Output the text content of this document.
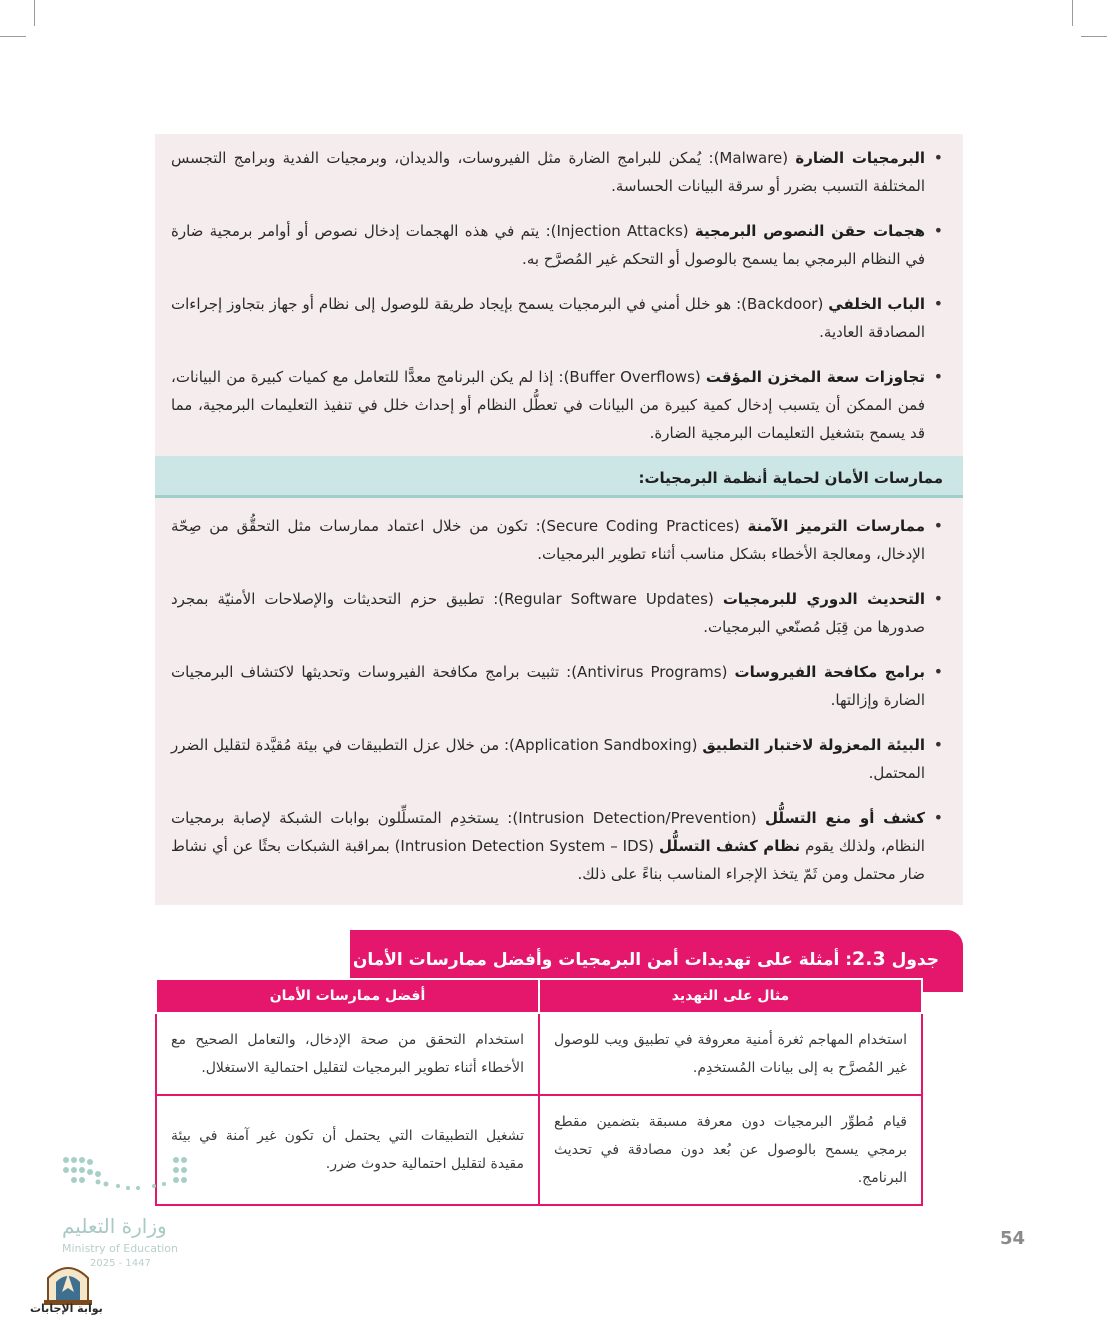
• البرمجيات الضارة (Malware): يُمكن للبرامج الضارة مثل الفيروسات، والديدان، وبرمجيات الفدية وبرامج التجسس المختلفة التسبب بضرر أو سرقة البيانات الحساسة.
• هجمات حقن النصوص البرمجية (Injection Attacks): يتم في هذه الهجمات إدخال نصوص أو أوامر برمجية ضارة في النظام البرمجي بما يسمح بالوصول أو التحكم غير المُصرَّح به.
• الباب الخلفي (Backdoor): هو خلل أمني في البرمجيات يسمح بإيجاد طريقة للوصول إلى نظام أو جهاز بتجاوز إجراءات المصادقة العادية.
• تجاوزات سعة المخزن المؤقت (Buffer Overflows): إذا لم يكن البرنامج معدًّا للتعامل مع كميات كبيرة من البيانات، فمن الممكن أن يتسبب إدخال كمية كبيرة من البيانات في تعطُّل النظام أو إحداث خلل في تنفيذ التعليمات البرمجية، مما قد يسمح بتشغيل التعليمات البرمجية الضارة.
ممارسات الأمان لحماية أنظمة البرمجيات:
• ممارسات الترميز الآمنة (Secure Coding Practices): تكون من خلال اعتماد ممارسات مثل التحقُّق من صِحّة الإدخال، ومعالجة الأخطاء بشكل مناسب أثناء تطوير البرمجيات.
• التحديث الدوري للبرمجيات (Regular Software Updates): تطبيق حزم التحديثات والإصلاحات الأمنيّة بمجرد صدورها من قِبَل مُصنّعي البرمجيات.
• برامج مكافحة الفيروسات (Antivirus Programs): تثبيت برامج مكافحة الفيروسات وتحديثها لاكتشاف البرمجيات الضارة وإزالتها.
• البيئة المعزولة لاختبار التطبيق (Application Sandboxing): من خلال عزل التطبيقات في بيئة مُقيَّدة لتقليل الضرر المحتمل.
• كشف أو منع التسلُّل (Intrusion Detection/Prevention): يستخدِم المتسلِّلون بوابات الشبكة لإصابة برمجيات النظام، ولذلك يقوم نظام كشف التسلُّل (Intrusion Detection System – IDS) بمراقبة الشبكات بحثًا عن أي نشاط ضار محتمل ومن ثَمّ يتخذ الإجراء المناسب بناءً على ذلك.
جدول 2.3: أمثلة على تهديدات أمن البرمجيات وأفضل ممارسات الأمان
مثال على التهديد	أفضل ممارسات الأمان
استخدام المهاجم ثغرة أمنية معروفة في تطبيق ويب للوصول غير المُصرَّح به إلى بيانات المُستخدِم.	استخدام التحقق من صحة الإدخال، والتعامل الصحيح مع الأخطاء أثناء تطوير البرمجيات لتقليل احتمالية الاستغلال.
قيام مُطوِّر البرمجيات دون معرفة مسبقة بتضمين مقطع برمجي يسمح بالوصول عن بُعد دون مصادقة في تحديث البرنامج.	تشغيل التطبيقات التي يحتمل أن تكون غير آمنة في بيئة مقيدة لتقليل احتمالية حدوث ضرر.
54
وزارة التعليم
Ministry of Education
2025 - 1447
بوابة الإجابات
